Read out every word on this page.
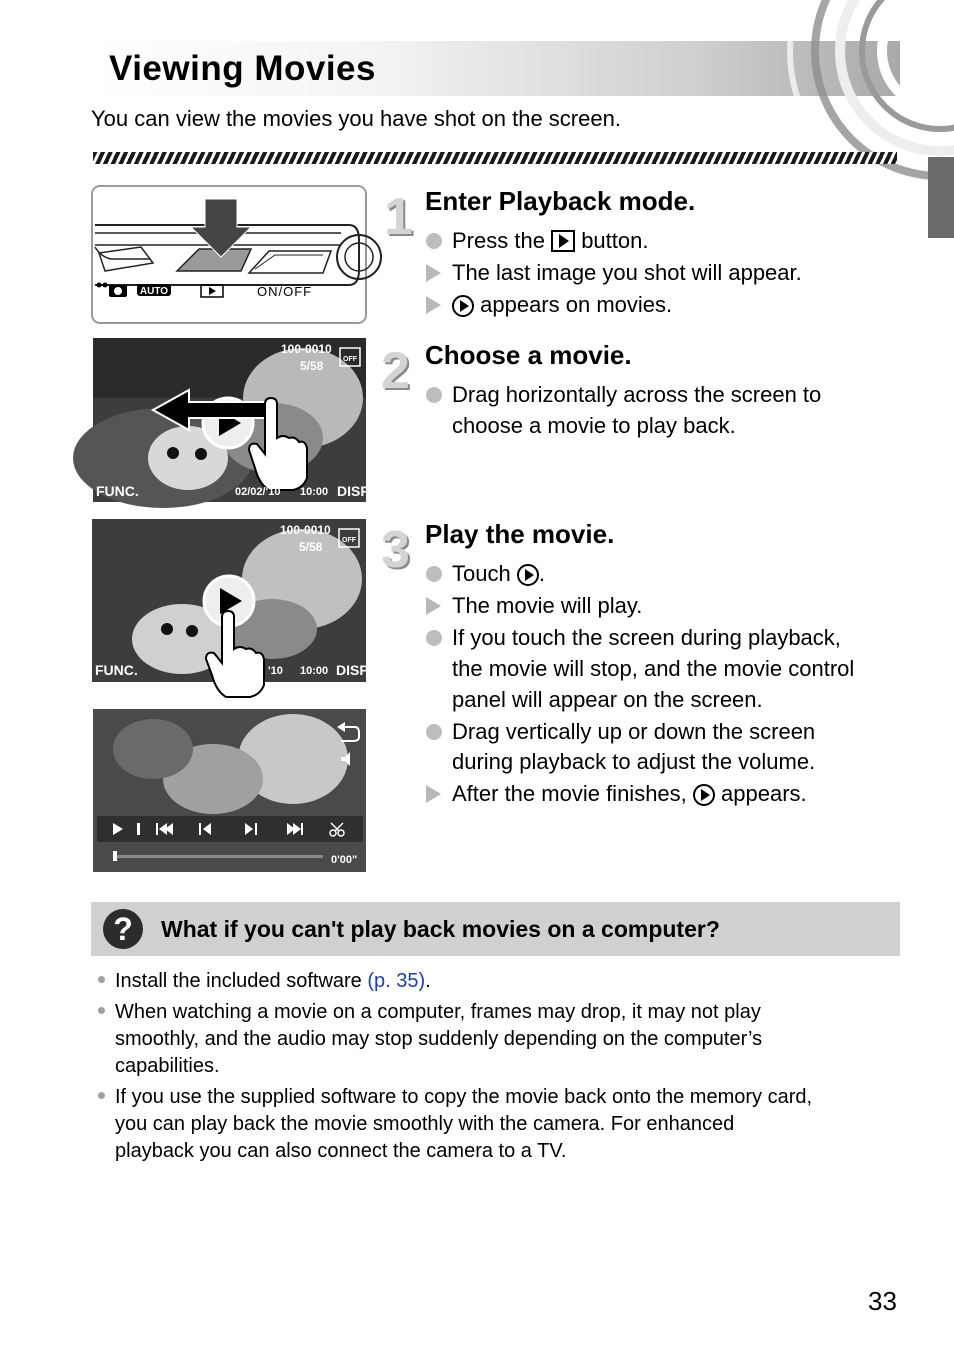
Viewing Movies
You can view the movies you have shot on the screen.
AUTO	ON/OFF
100-0010
5/58	OFF
FUNC.	02/02/'10 10:00 DISP.
100-0010
5/58	OFF
FUNC.	'10 10:00 DISP.
0'00"
1 Enter Playback mode.
Press the button.
The last image you shot will appear.
appears on movies.
2 Choose a movie.
Drag horizontally across the screen to
choose a movie to play back.
3 Play the movie.
Touch .
The movie will play.
If you touch the screen during playback,
the movie will stop, and the movie control
panel will appear on the screen.
Drag vertically up or down the screen
during playback to adjust the volume.
After the movie finishes, appears.
?	What if you can't play back movies on a computer?
Install the included software (p. 35).
When watching a movie on a computer, frames may drop, it may not play
smoothly, and the audio may stop suddenly depending on the computer’s
capabilities.
If you use the supplied software to copy the movie back onto the memory card,
you can play back the movie smoothly with the camera. For enhanced
playback you can also connect the camera to a TV.
33
